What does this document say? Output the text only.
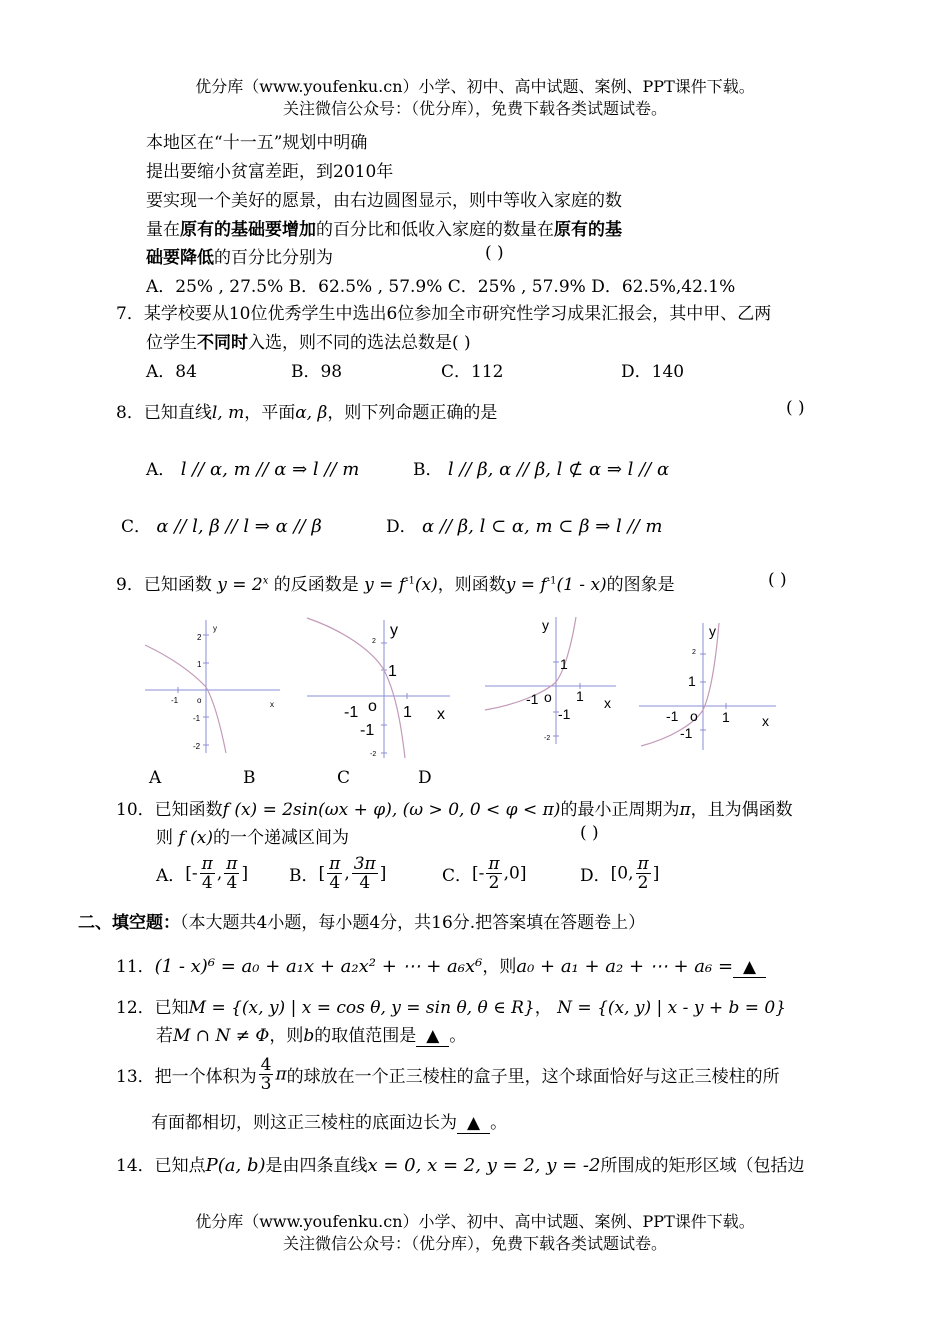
优分库（www.youfenku.cn）小学、初中、高中试题、案例、PPT课件下载。
关注微信公众号：（优分库），免费下载各类试题试卷。
本地区在“十一五”规划中明确
提出要缩小贫富差距，到2010年
要实现一个美好的愿景，由右边圆图显示，则中等收入家庭的数
量在原有的基础要增加的百分比和低收入家庭的数量在原有的基
础要降低的百分比分别为	( )
A．25% , 27.5% B．62.5% , 57.9% C．25% , 57.9% D．62.5%,42.1%
7．某学校要从10位优秀学生中选出6位参加全市研究性学习成果汇报会，其中甲、乙两
位学生不同时入选，则不同的选法总数是( )
A．84	B．98	C．112	D．140
8．已知直线l, m，平面α, β，则下列命题正确的是	( )
A． l // α, m // α ⇒ l // m	B． l // β, α // β, l ⊄ α ⇒ l // α
C． α // l, β // l ⇒ α // β	D． α // β, l ⊂ α, m ⊂ β ⇒ l // m
9．已知函数 $y = 2^x$ 的反函数是 $y = f^{-1}(x)$，则函数$y = f^{-1}(1 - x)$的图象是	( )
y
x
2
1
-1 o
-1
-2
y
x
2
1
-1 o 1
-1
-2
y
x
1
-1 o 1
-1
-2
y
x
2
1
-1 o 1
-1
A	B	C	D
10．已知函数f (x) = 2sin(ωx + φ), (ω > 0, 0 < φ < π)的最小正周期为π，且为偶函数
则 f (x)的一个递减区间为	( )
A．[- $\frac{\pi}{4}$ , $\frac{\pi}{4}$ ] B．[ $\frac{\pi}{4}$ , $\frac{3\pi}{4}$ ]	C．[- $\frac{\pi}{2} ,0$]	D．[0, $\frac{\pi}{2}$ ]
二、填空题：（本大题共4小题，每小题4分，共16分.把答案填在答题卷上）
11．(1 - x)⁶ = a₀ + a₁x + a₂x² + ⋯ + a₆x⁶，则a₀ + a₁ + a₂ + ⋯ + a₆ = ▲
12．已知M = {(x, y) | x = cos θ, y = sin θ, θ ∈ R}， N = {(x, y) | x - y + b = 0}
若M ∩ N ≠ Φ，则b的取值范围是 ▲ 。
13．把一个体积为 $\frac{4}{3}$ π的球放在一个正三棱柱的盒子里，这个球面恰好与这正三棱柱的所
有面都相切，则这正三棱柱的底面边长为 ▲ 。
14．已知点P(a, b)是由四条直线x = 0, x = 2, y = 2, y = -2所围成的矩形区域（包括边
优分库（www.youfenku.cn）小学、初中、高中试题、案例、PPT课件下载。
关注微信公众号：（优分库），免费下载各类试题试卷。
